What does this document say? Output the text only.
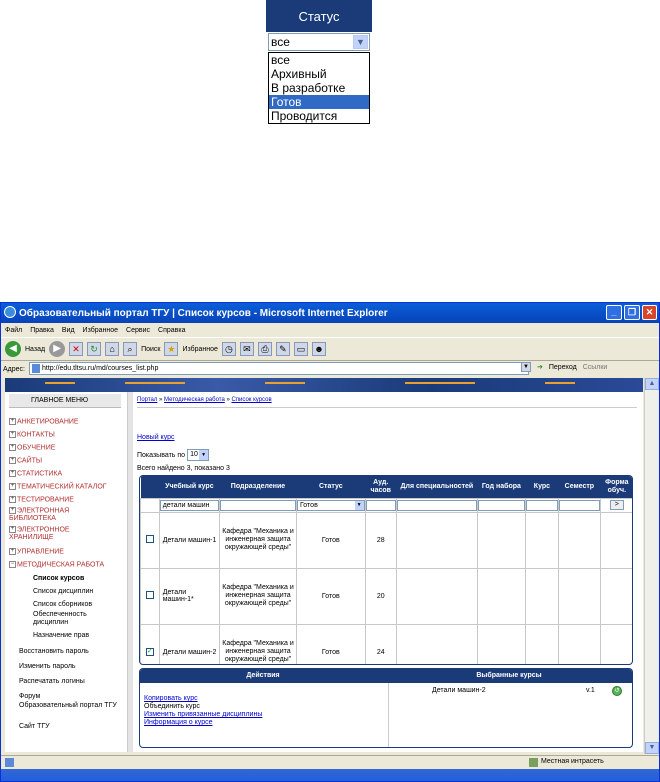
Статус
все	▼
все
Архивный
В разработке
Готов
Проводится
Образовательный портал ТГУ | Список курсов - Microsoft Internet Explorer	_	❐	✕
Файл Правка Вид Избранное Сервис Справка
◀	Назад ▶	✕	↻	⌂	⌕	Поиск ★ Избранное ◷	✉	⎙	✎	▭	☻
Адрес:	http://edu.tltsu.ru/md/courses_list.php	▼ ➔ Переход Ссылки
▲
▼
ГЛАВНОЕ МЕНЮ
+ АНКЕТИРОВАНИЕ
+ КОНТАКТЫ
+ ОБУЧЕНИЕ
+ САЙТЫ
+ СТАТИСТИКА
+ ТЕМАТИЧЕСКИЙ КАТАЛОГ
+ ТЕСТИРОВАНИЕ
+ ЭЛЕКТРОННАЯ БИБЛИОТЕКА
+ ЭЛЕКТРОННОЕ ХРАНИЛИЩЕ
+ УПРАВЛЕНИЕ
− МЕТОДИЧЕСКАЯ РАБОТА
Список курсов
Список дисциплин
Список сборников
Обеспеченность дисциплин
Назначение прав
Восстановить пароль
Изменить пароль
Распечатать логины
Форум
Образовательный портал ТГУ
Сайт ТГУ
Портал » Методическая работа » Список курсов
Новый курс
Показывать по 10 ▼
Всего найдено 3, показано 3
	Учебный курс	Подразделение	Статус	Ауд. часов	Для специальностей	Год набора	Курс	Семестр	Форма обуч.

	детали машин		Готов ▼						>
	Детали машин-1	Кафедра "Механика и инженерная защита окружающей среды"	Готов	28					
	Детали машин-1*	Кафедра "Механика и инженерная защита окружающей среды"	Готов	20					
✓	Детали машин-2	Кафедра "Механика и инженерная защита окружающей среды"	Готов	24					
Действия	Выбранные курсы
Копировать курс
Объединить курс
Изменить привязанные дисциплины
Информация о курсе
Детали машин-2	v.1	↺
Местная интрасеть
